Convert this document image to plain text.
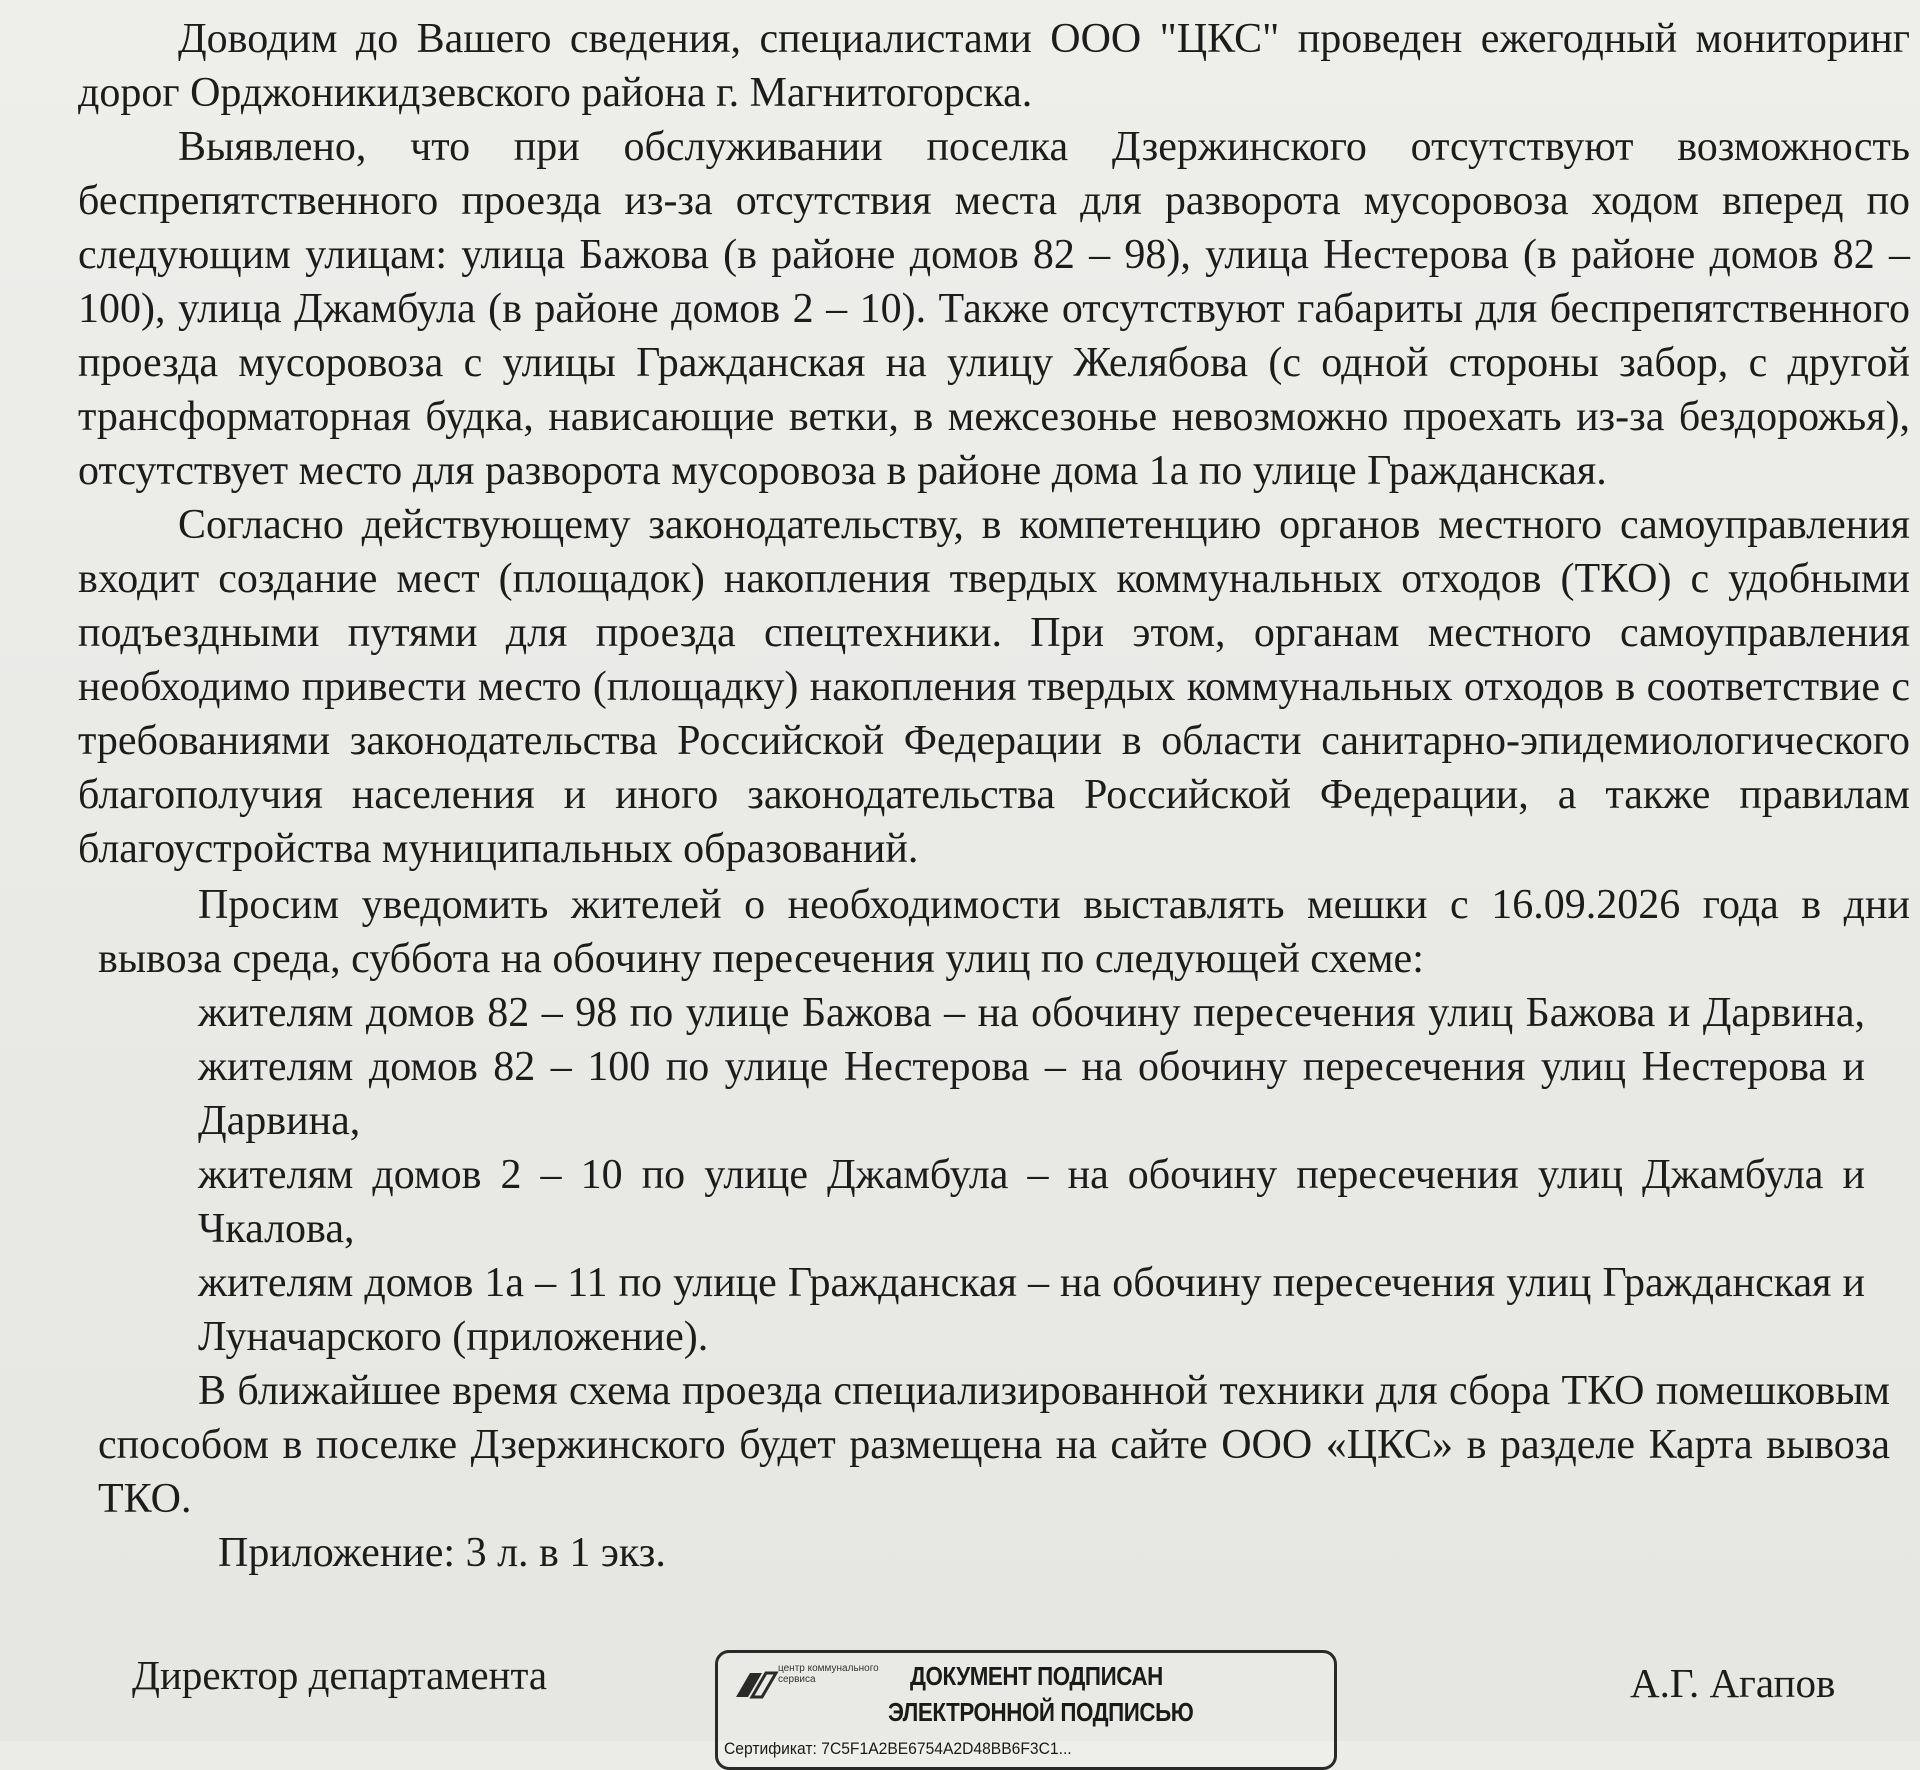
Доводим до Вашего сведения, специалистами ООО "ЦКС" проведен ежегодный мониторинг дорог Орджоникидзевского района г. Магнитогорска.

Выявлено, что при обслуживании поселка Дзержинского отсутствуют возможность беспрепятственного проезда из-за отсутствия места для разворота мусоровоза ходом вперед по следующим улицам: улица Бажова (в районе домов 82 – 98), улица Нестерова (в районе домов 82 – 100), улица Джамбула (в районе домов 2 – 10). Также отсутствуют габариты для беспрепятственного проезда мусоровоза с улицы Гражданская на улицу Желябова (с одной стороны забор, с другой трансформаторная будка, нависающие ветки, в межсезонье невозможно проехать из-за бездорожья), отсутствует место для разворота мусоровоза в районе дома 1а по улице Гражданская.

Согласно действующему законодательству, в компетенцию органов местного самоуправления входит создание мест (площадок) накопления твердых коммунальных отходов (ТКО) с удобными подъездными путями для проезда спецтехники. При этом, органам местного самоуправления необходимо привести место (площадку) накопления твердых коммунальных отходов в соответствие с требованиями законодательства Российской Федерации в области санитарно-эпидемиологического благополучия населения и иного законодательства Российской Федерации, а также правилам благоустройства муниципальных образований.

Просим уведомить жителей о необходимости выставлять мешки с 16.09.2026 года в дни вывоза среда, суббота на обочину пересечения улиц по следующей схеме:

жителям домов 82 – 98 по улице Бажова – на обочину пересечения улиц Бажова и Дарвина, жителям домов 82 – 100 по улице Нестерова – на обочину пересечения улиц Нестерова и Дарвина,

жителям домов 2 – 10 по улице Джамбула – на обочину пересечения улиц Джамбула и Чкалова,

жителям домов 1а – 11 по улице Гражданская – на обочину пересечения улиц Гражданская и Луначарского (приложение).

В ближайшее время схема проезда специализированной техники для сбора ТКО помешковым способом в поселке Дзержинского будет размещена на сайте ООО «ЦКС» в разделе Карта вывоза ТКО.

Приложение: 3 л. в 1 экз.

Директор департамента	центр коммунального сервиса	ДОКУМЕНТ ПОДПИСАН
ЭЛЕКТРОННОЙ ПОДПИСЬЮ
Сертификат: 7C5F1A2BE6754A2D48BB6F3C1...

А.Г. Агапов
